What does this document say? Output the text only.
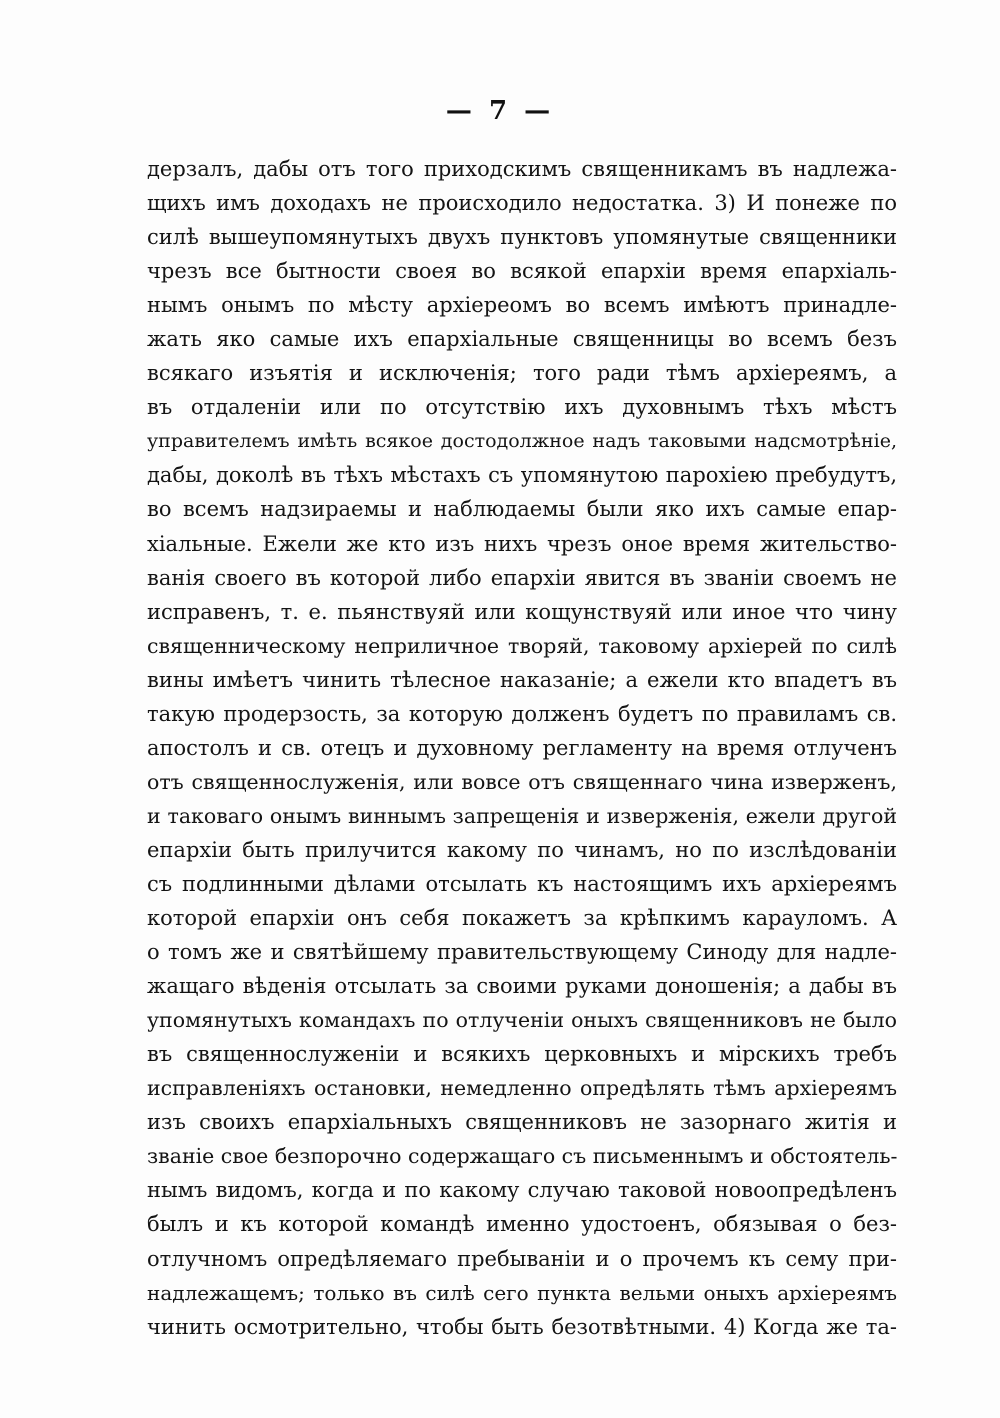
— 7 —
дерзалъ, дабы отъ того приходскимъ священникамъ въ надлежа-
щихъ имъ доходахъ не происходило недостатка. 3) И понеже по
силѣ вышеупомянутыхъ двухъ пунктовъ упомянутые священники
чрезъ все бытности своея во всякой епархіи время епархіаль-
нымъ онымъ по мѣсту архіереомъ во всемъ имѣютъ принадле-
жать яко самые ихъ епархіальные священницы во всемъ безъ
всякаго изъятія и исключенія; того ради тѣмъ архіереямъ, а
въ отдаленіи или по отсутствію ихъ духовнымъ тѣхъ мѣстъ
управителемъ имѣть всякое достодолжное надъ таковыми надсмотрѣніе,
дабы, доколѣ въ тѣхъ мѣстахъ съ упомянутою парохіею пребудутъ,
во всемъ надзираемы и наблюдаемы были яко ихъ самые епар-
хіальные. Ежели же кто изъ нихъ чрезъ оное время жительство-
ванія своего въ которой либо епархіи явится въ званіи своемъ не
исправенъ, т. е. пьянствуяй или кощунствуяй или иное что чину
священническому неприличное творяй, таковому архіерей по силѣ
вины имѣетъ чинить тѣлесное наказаніе; а ежели кто впадетъ въ
такую продерзость, за которую долженъ будетъ по правиламъ св.
апостолъ и св. отецъ и духовному регламенту на время отлученъ
отъ священнослуженія, или вовсе отъ священнаго чина изверженъ,
и таковаго онымъ виннымъ запрещенія и изверженія, ежели другой
епархіи быть прилучится какому по чинамъ, но по изслѣдованіи
съ подлинными дѣлами отсылать къ настоящимъ ихъ архіереямъ
которой епархіи онъ себя покажетъ за крѣпкимъ карауломъ. А
о томъ же и святѣйшему правительствующему Синоду для надле-
жащаго вѣденія отсылать за своими руками доношенія; а дабы въ
упомянутыхъ командахъ по отлученіи оныхъ священниковъ не было
въ священнослуженіи и всякихъ церковныхъ и мірскихъ требъ
исправленіяхъ остановки, немедленно опредѣлять тѣмъ архіереямъ
изъ своихъ епархіальныхъ священниковъ не зазорнаго житія и
званіе свое безпорочно содержащаго съ письменнымъ и обстоятель-
нымъ видомъ, когда и по какому случаю таковой новоопредѣленъ
былъ и къ которой командѣ именно удостоенъ, обязывая о без-
отлучномъ опредѣляемаго пребываніи и о прочемъ къ сему при-
надлежащемъ; только въ силѣ сего пункта вельми оныхъ архіереямъ
чинить осмотрительно, чтобы быть безотвѣтными. 4) Когда же та-
